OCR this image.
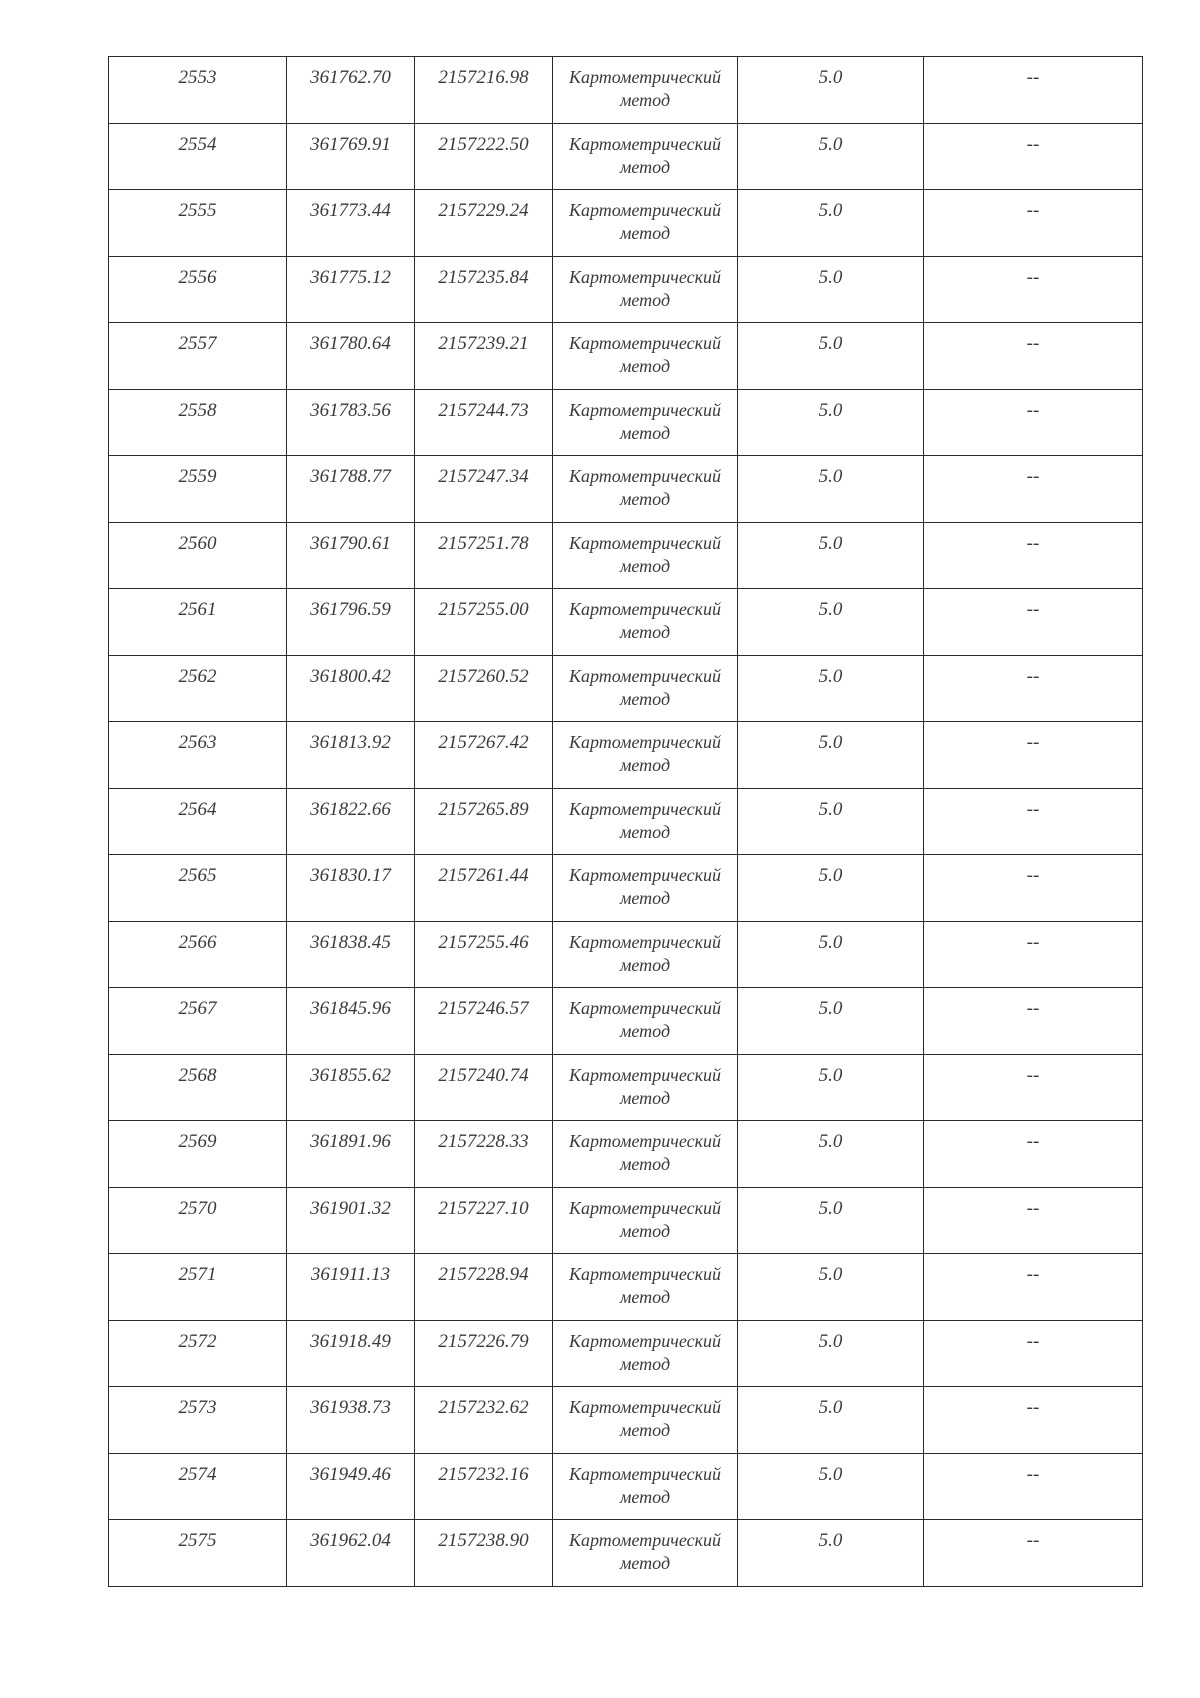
2553	361762.70	2157216.98	Картометрический метод	5.0	--
2554	361769.91	2157222.50	Картометрический метод	5.0	--
2555	361773.44	2157229.24	Картометрический метод	5.0	--
2556	361775.12	2157235.84	Картометрический метод	5.0	--
2557	361780.64	2157239.21	Картометрический метод	5.0	--
2558	361783.56	2157244.73	Картометрический метод	5.0	--
2559	361788.77	2157247.34	Картометрический метод	5.0	--
2560	361790.61	2157251.78	Картометрический метод	5.0	--
2561	361796.59	2157255.00	Картометрический метод	5.0	--
2562	361800.42	2157260.52	Картометрический метод	5.0	--
2563	361813.92	2157267.42	Картометрический метод	5.0	--
2564	361822.66	2157265.89	Картометрический метод	5.0	--
2565	361830.17	2157261.44	Картометрический метод	5.0	--
2566	361838.45	2157255.46	Картометрический метод	5.0	--
2567	361845.96	2157246.57	Картометрический метод	5.0	--
2568	361855.62	2157240.74	Картометрический метод	5.0	--
2569	361891.96	2157228.33	Картометрический метод	5.0	--
2570	361901.32	2157227.10	Картометрический метод	5.0	--
2571	361911.13	2157228.94	Картометрический метод	5.0	--
2572	361918.49	2157226.79	Картометрический метод	5.0	--
2573	361938.73	2157232.62	Картометрический метод	5.0	--
2574	361949.46	2157232.16	Картометрический метод	5.0	--
2575	361962.04	2157238.90	Картометрический метод	5.0	--
